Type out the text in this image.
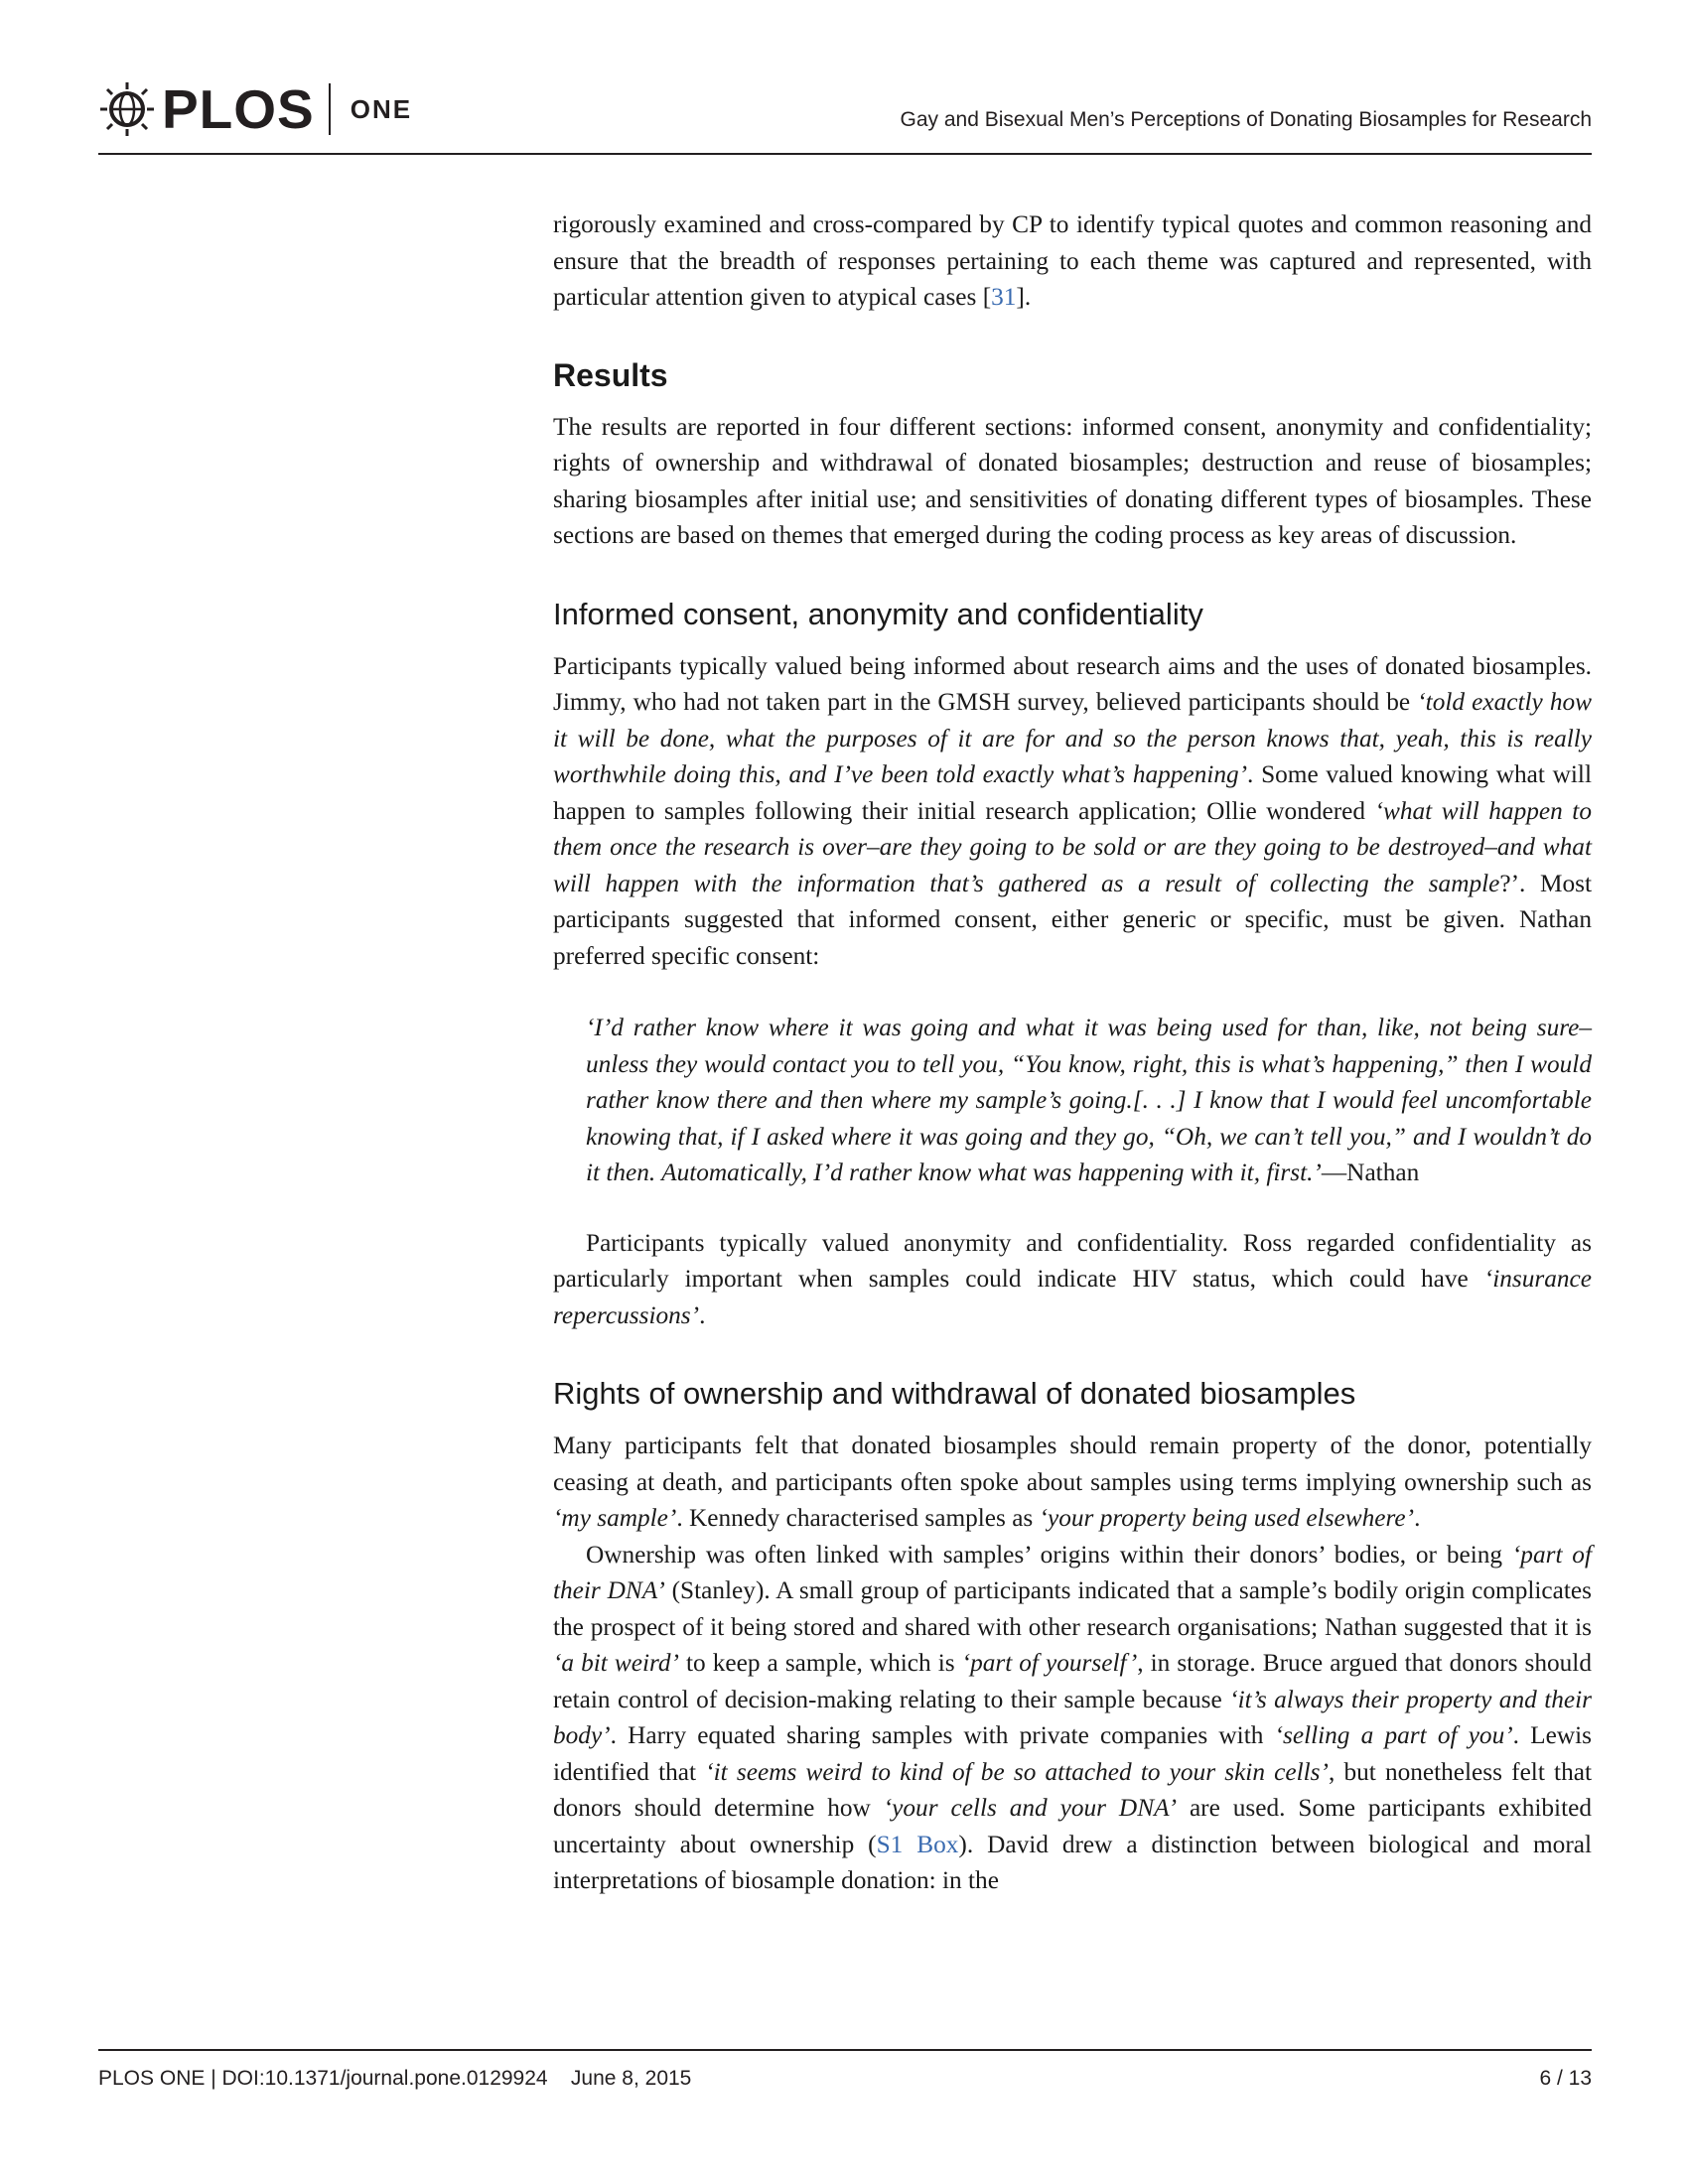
PLOS ONE	Gay and Bisexual Men’s Perceptions of Donating Biosamples for Research

rigorously examined and cross-compared by CP to identify typical quotes and common reasoning and ensure that the breadth of responses pertaining to each theme was captured and represented, with particular attention given to atypical cases [31].

Results

The results are reported in four different sections: informed consent, anonymity and confidentiality; rights of ownership and withdrawal of donated biosamples; destruction and reuse of biosamples; sharing biosamples after initial use; and sensitivities of donating different types of biosamples. These sections are based on themes that emerged during the coding process as key areas of discussion.

Informed consent, anonymity and confidentiality

Participants typically valued being informed about research aims and the uses of donated biosamples. Jimmy, who had not taken part in the GMSH survey, believed participants should be ‘told exactly how it will be done, what the purposes of it are for and so the person knows that, yeah, this is really worthwhile doing this, and I’ve been told exactly what’s happening’. Some valued knowing what will happen to samples following their initial research application; Ollie wondered ‘what will happen to them once the research is over–are they going to be sold or are they going to be destroyed–and what will happen with the information that’s gathered as a result of collecting the sample?’. Most participants suggested that informed consent, either generic or specific, must be given. Nathan preferred specific consent:

‘I’d rather know where it was going and what it was being used for than, like, not being sure–unless they would contact you to tell you, “You know, right, this is what’s happening,” then I would rather know there and then where my sample’s going.[. . .] I know that I would feel uncomfortable knowing that, if I asked where it was going and they go, “Oh, we can’t tell you,” and I wouldn’t do it then. Automatically, I’d rather know what was happening with it, first.’—Nathan

Participants typically valued anonymity and confidentiality. Ross regarded confidentiality as particularly important when samples could indicate HIV status, which could have ‘insurance repercussions’.

Rights of ownership and withdrawal of donated biosamples

Many participants felt that donated biosamples should remain property of the donor, potentially ceasing at death, and participants often spoke about samples using terms implying ownership such as ‘my sample’. Kennedy characterised samples as ‘your property being used elsewhere’.

Ownership was often linked with samples’ origins within their donors’ bodies, or being ‘part of their DNA’ (Stanley). A small group of participants indicated that a sample’s bodily origin complicates the prospect of it being stored and shared with other research organisations; Nathan suggested that it is ‘a bit weird’ to keep a sample, which is ‘part of yourself’, in storage. Bruce argued that donors should retain control of decision-making relating to their sample because ‘it’s always their property and their body’. Harry equated sharing samples with private companies with ‘selling a part of you’. Lewis identified that ‘it seems weird to kind of be so attached to your skin cells’, but nonetheless felt that donors should determine how ‘your cells and your DNA’ are used. Some participants exhibited uncertainty about ownership (S1 Box). David drew a distinction between biological and moral interpretations of biosample donation: in the

PLOS ONE | DOI:10.1371/journal.pone.0129924    June 8, 2015	6 / 13
